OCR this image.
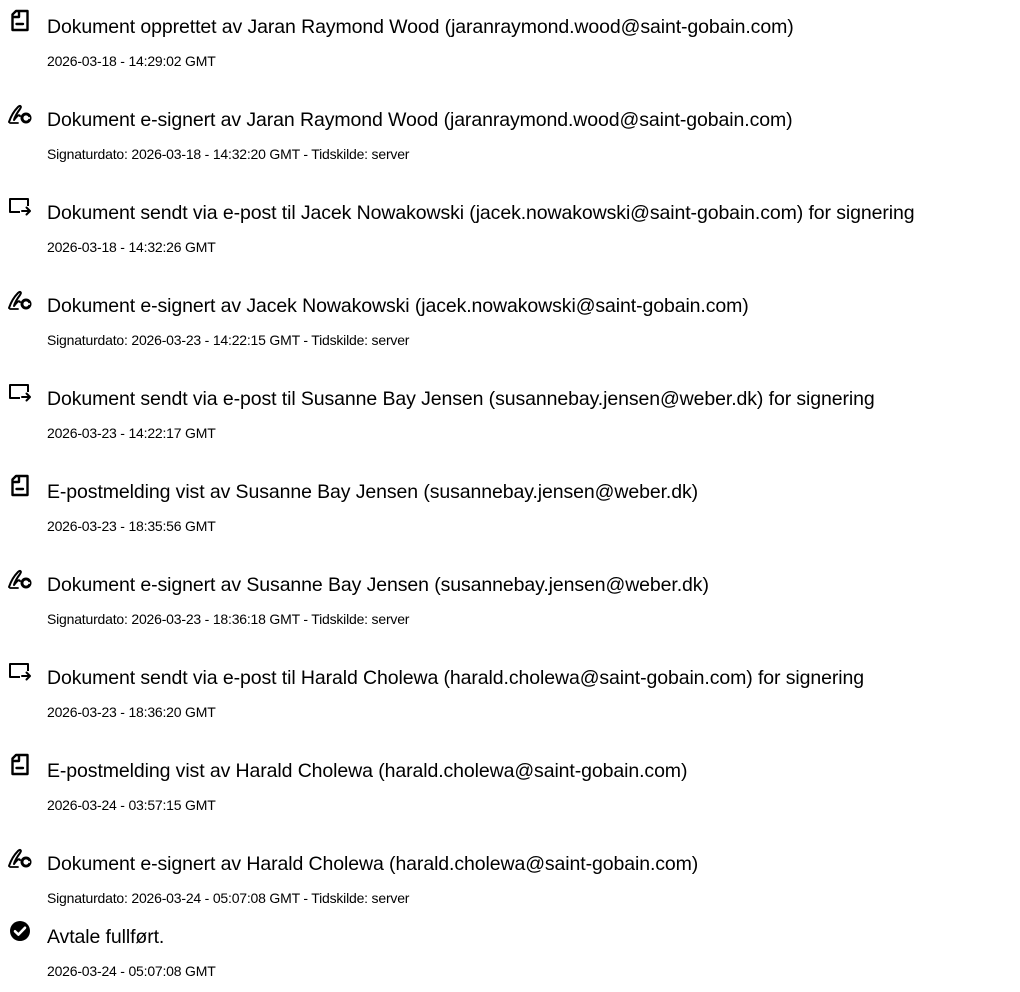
Dokument opprettet av Jaran Raymond Wood (jaranraymond.wood@saint-gobain.com)
2026-03-18 - 14:29:02 GMT
Dokument e-signert av Jaran Raymond Wood (jaranraymond.wood@saint-gobain.com)
Signaturdato: 2026-03-18 - 14:32:20 GMT - Tidskilde: server
Dokument sendt via e-post til Jacek Nowakowski (jacek.nowakowski@saint-gobain.com) for signering
2026-03-18 - 14:32:26 GMT
Dokument e-signert av Jacek Nowakowski (jacek.nowakowski@saint-gobain.com)
Signaturdato: 2026-03-23 - 14:22:15 GMT - Tidskilde: server
Dokument sendt via e-post til Susanne Bay Jensen (susannebay.jensen@weber.dk) for signering
2026-03-23 - 14:22:17 GMT
E-postmelding vist av Susanne Bay Jensen (susannebay.jensen@weber.dk)
2026-03-23 - 18:35:56 GMT
Dokument e-signert av Susanne Bay Jensen (susannebay.jensen@weber.dk)
Signaturdato: 2026-03-23 - 18:36:18 GMT - Tidskilde: server
Dokument sendt via e-post til Harald Cholewa (harald.cholewa@saint-gobain.com) for signering
2026-03-23 - 18:36:20 GMT
E-postmelding vist av Harald Cholewa (harald.cholewa@saint-gobain.com)
2026-03-24 - 03:57:15 GMT
Dokument e-signert av Harald Cholewa (harald.cholewa@saint-gobain.com)
Signaturdato: 2026-03-24 - 05:07:08 GMT - Tidskilde: server
Avtale fullført.
2026-03-24 - 05:07:08 GMT
